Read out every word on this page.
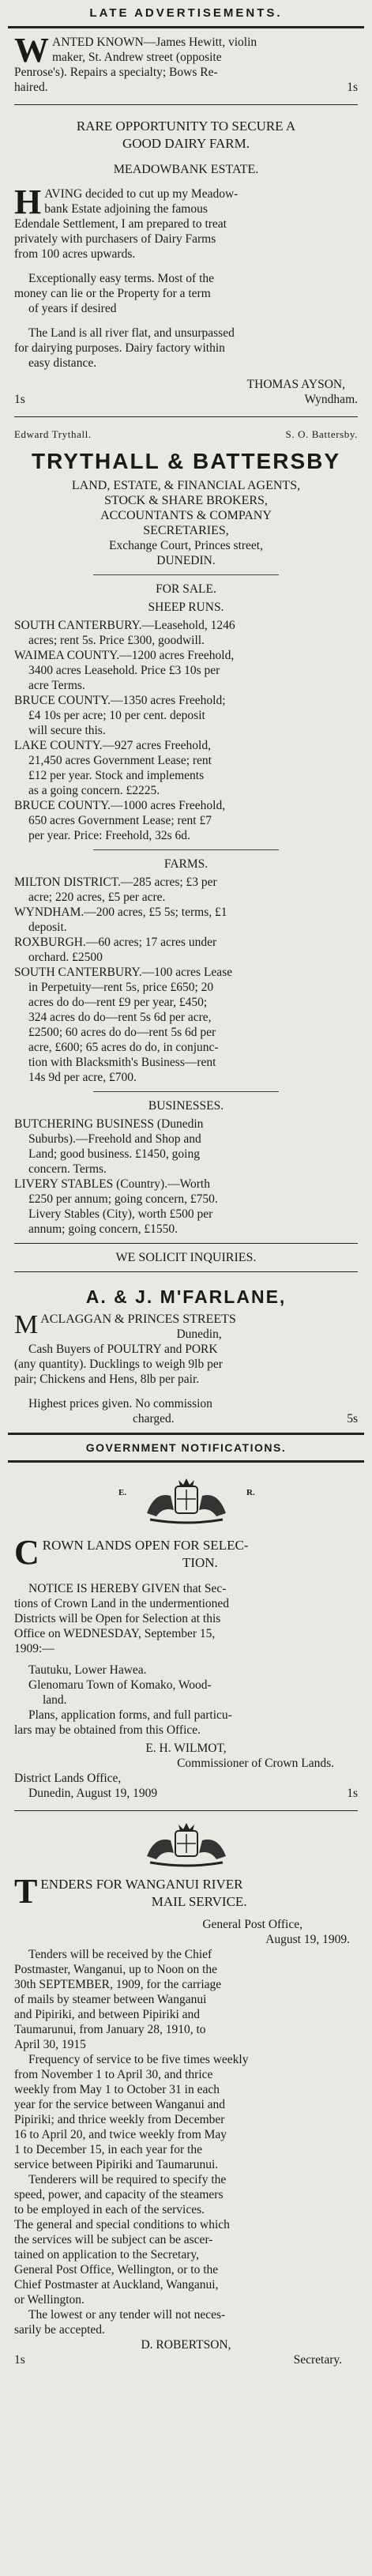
LATE ADVERTISEMENTS.
W ANTED KNOWN—James Hewitt, violin

maker, St. Andrew street (opposite

Penrose's). Repairs a specialty; Bows Re-

haired.	1s

RARE OPPORTUNITY TO SECURE A

GOOD DAIRY FARM.

MEADOWBANK ESTATE.

H AVING decided to cut up my Meadow-

bank Estate adjoining the famous

Edendale Settlement, I am prepared to treat

privately with purchasers of Dairy Farms

from 100 acres upwards.

Exceptionally easy terms. Most of the

money can lie or the Property for a term

of years if desired

The Land is all river flat, and unsurpassed

for dairying purposes. Dairy factory within

easy distance.

THOMAS AYSON,

1s	Wyndham.
Edward Trythall.	S. O. Battersby.
TRYTHALL & BATTERSBY

LAND, ESTATE, & FINANCIAL AGENTS,

STOCK & SHARE BROKERS,

ACCOUNTANTS & COMPANY

SECRETARIES,

Exchange Court, Princes street,

DUNEDIN.

FOR SALE.

SHEEP RUNS.

SOUTH CANTERBURY.—Leasehold, 1246

acres; rent 5s. Price £300, goodwill.

WAIMEA COUNTY.—1200 acres Freehold,

3400 acres Leasehold. Price £3 10s per

acre Terms.

BRUCE COUNTY.—1350 acres Freehold;

£4 10s per acre; 10 per cent. deposit

will secure this.

LAKE COUNTY.—927 acres Freehold,

21,450 acres Government Lease; rent

£12 per year. Stock and implements

as a going concern. £2225.

BRUCE COUNTY.—1000 acres Freehold,

650 acres Government Lease; rent £7

per year. Price: Freehold, 32s 6d.

FARMS.

MILTON DISTRICT.—285 acres; £3 per

acre; 220 acres, £5 per acre.

WYNDHAM.—200 acres, £5 5s; terms, £1

deposit.

ROXBURGH.—60 acres; 17 acres under

orchard. £2500

SOUTH CANTERBURY.—100 acres Lease

in Perpetuity—rent 5s, price £650; 20

acres do do—rent £9 per year, £450;

324 acres do do—rent 5s 6d per acre,

£2500; 60 acres do do—rent 5s 6d per

acre, £600; 65 acres do do, in conjunc-

tion with Blacksmith's Business—rent

14s 9d per acre, £700.

BUSINESSES.

BUTCHERING BUSINESS (Dunedin

Suburbs).—Freehold and Shop and

Land; good business. £1450, going

concern. Terms.

LIVERY STABLES (Country).—Worth

£250 per annum; going concern, £750.

Livery Stables (City), worth £500 per

annum; going concern, £1550.

WE SOLICIT INQUIRIES.

A. & J. M'FARLANE,
M ACLAGGAN & PRINCES STREETS

Dunedin,

Cash Buyers of POULTRY and PORK

(any quantity). Ducklings to weigh 9lb per

pair; Chickens and Hens, 8lb per pair.

Highest prices given. No commission

charged.	5s
GOVERNMENT NOTIFICATIONS.
E.	R.
C ROWN LANDS OPEN FOR SELEC-

TION.

NOTICE IS HEREBY GIVEN that Sec-

tions of Crown Land in the undermentioned

Districts will be Open for Selection at this

Office on WEDNESDAY, September 15,

1909:—

Tautuku, Lower Hawea.

Glenomaru Town of Komako, Wood-

land.

Plans, application forms, and full particu-

lars may be obtained from this Office.

E. H. WILMOT,

Commissioner of Crown Lands.

District Lands Office,

Dunedin, August 19, 1909	1s
T ENDERS FOR WANGANUI RIVER

MAIL SERVICE.

General Post Office,

August 19, 1909.

Tenders will be received by the Chief

Postmaster, Wanganui, up to Noon on the

30th SEPTEMBER, 1909, for the carriage

of mails by steamer between Wanganui

and Pipiriki, and between Pipiriki and

Taumarunui, from January 28, 1910, to

April 30, 1915

Frequency of service to be five times weekly

from November 1 to April 30, and thrice

weekly from May 1 to October 31 in each

year for the service between Wanganui and

Pipiriki; and thrice weekly from December

16 to April 20, and twice weekly from May

1 to December 15, in each year for the

service between Pipiriki and Taumarunui.

Tenderers will be required to specify the

speed, power, and capacity of the steamers

to be employed in each of the services.

The general and special conditions to which

the services will be subject can be ascer-

tained on application to the Secretary,

General Post Office, Wellington, or to the

Chief Postmaster at Auckland, Wanganui,

or Wellington.

The lowest or any tender will not neces-

sarily be accepted.

D. ROBERTSON,

1s	Secretary.
